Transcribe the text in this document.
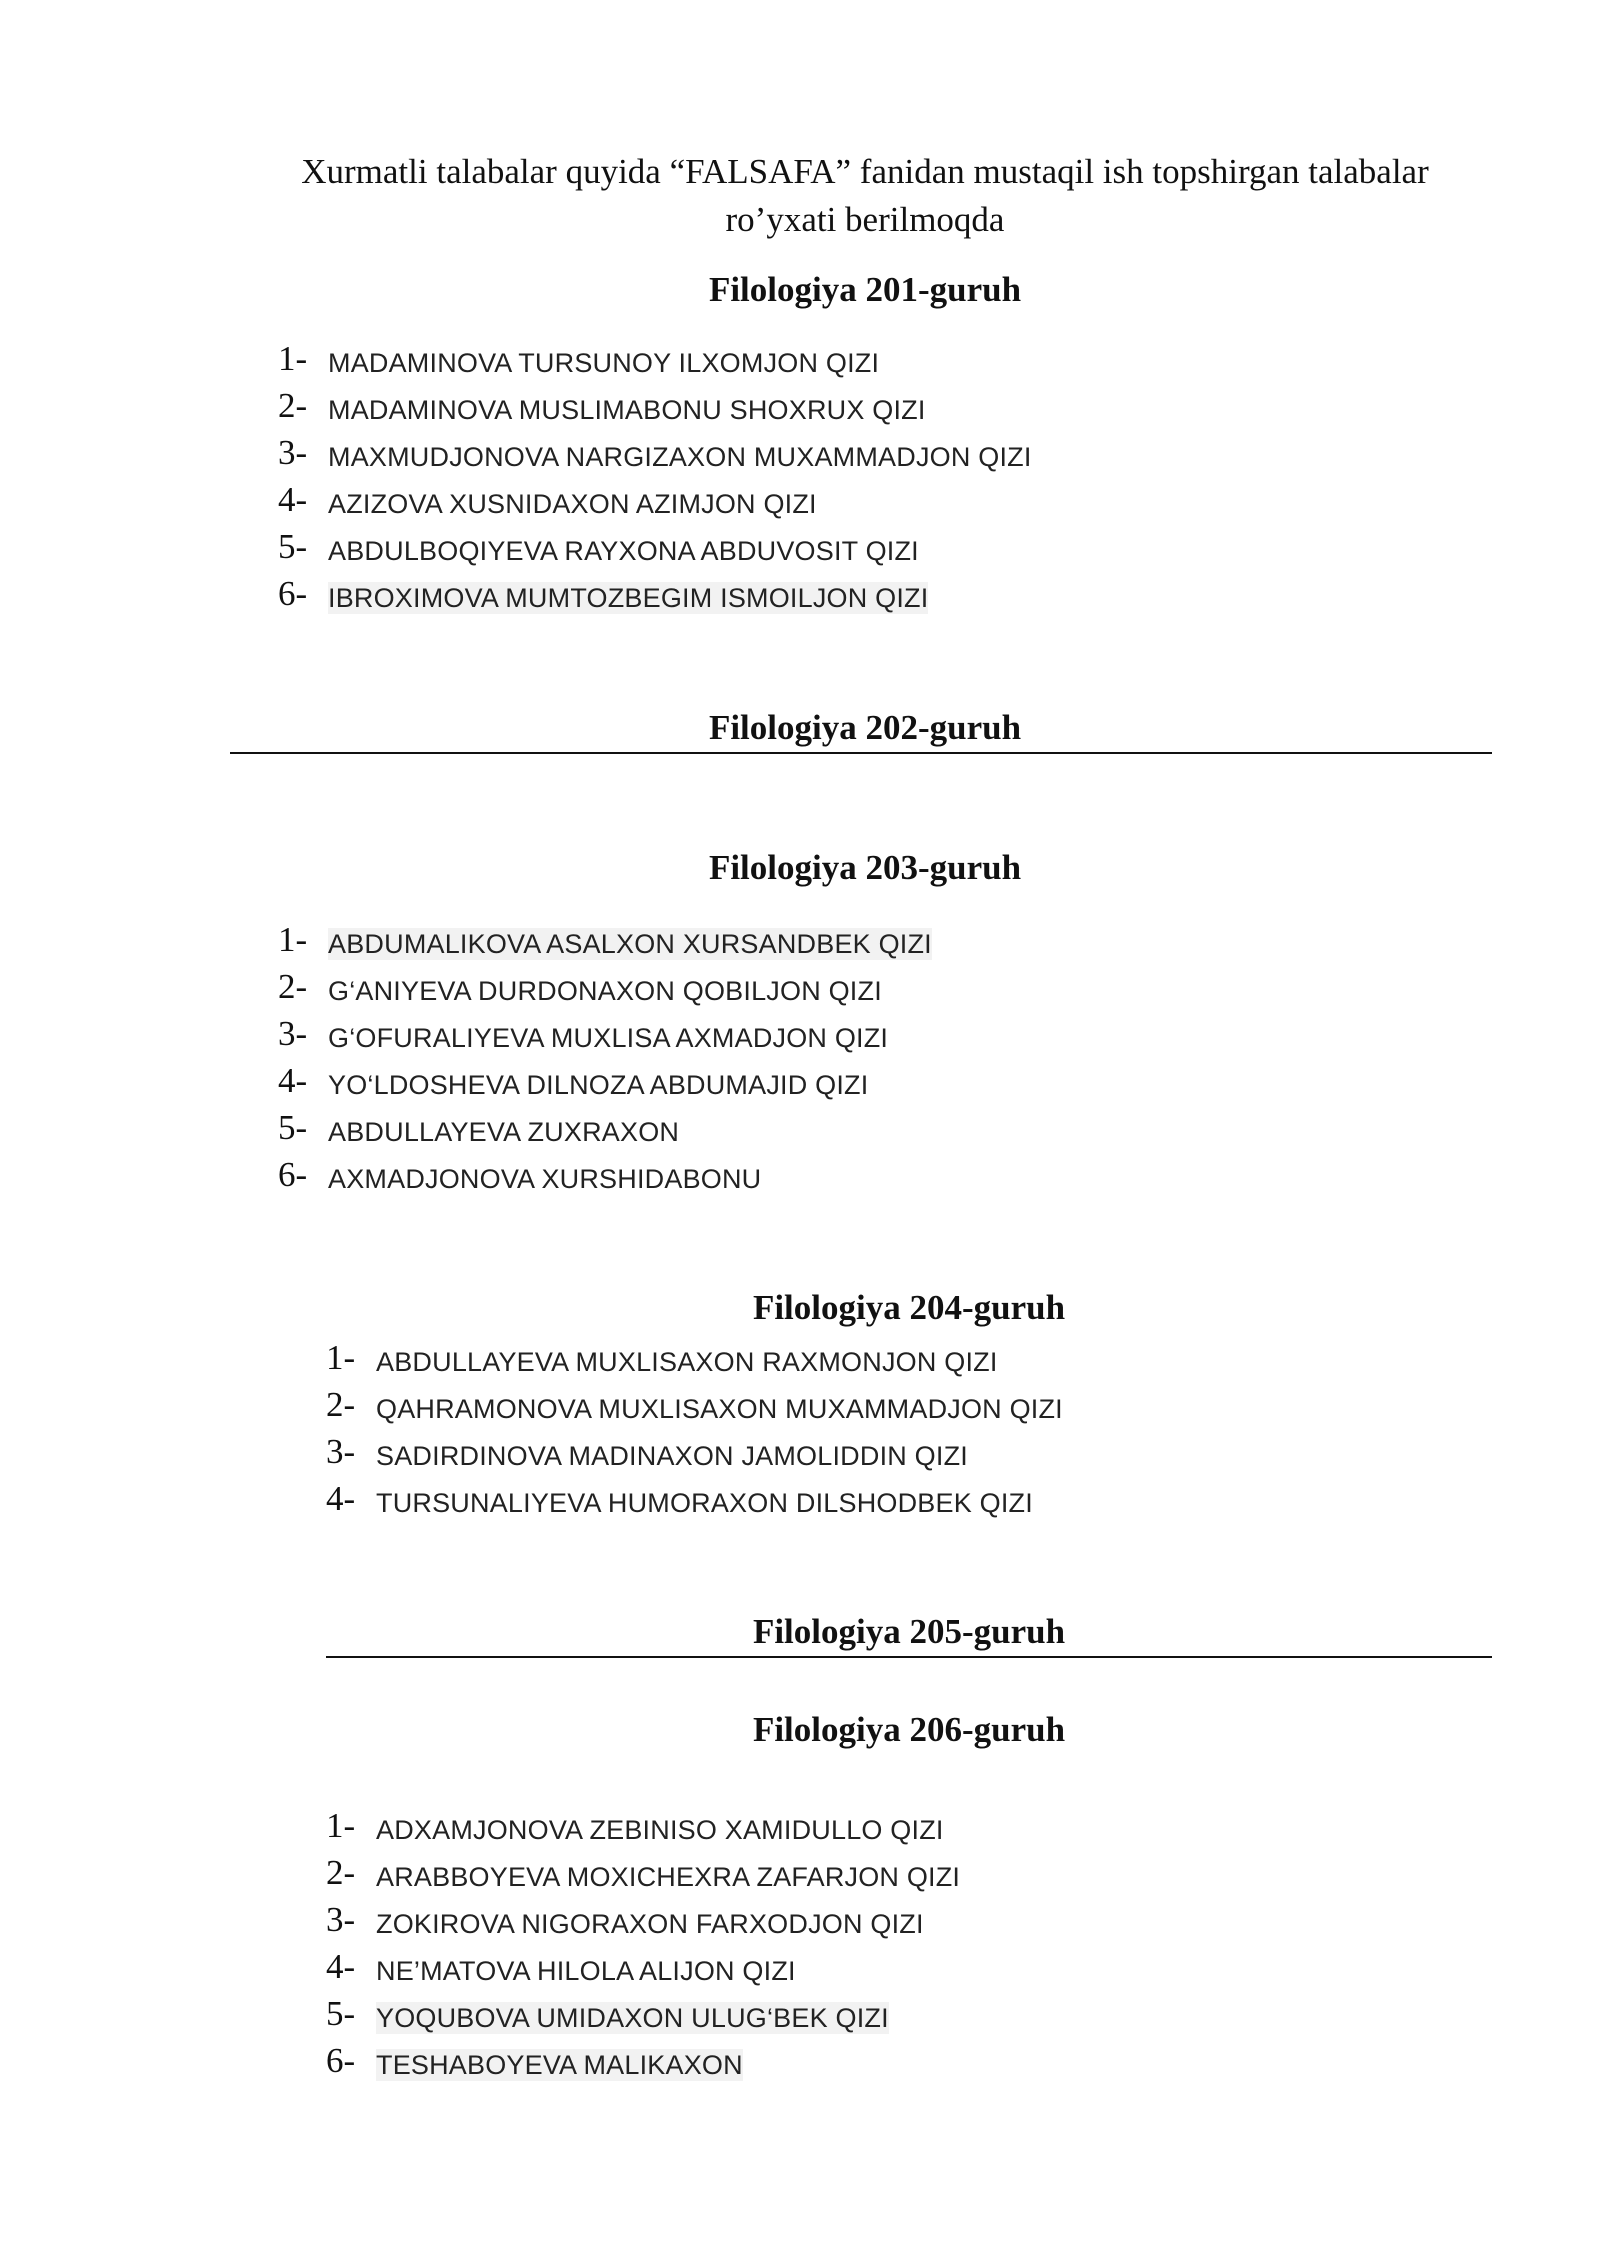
Xurmatli talabalar quyida “FALSAFA” fanidan mustaqil ish topshirgan talabalar
ro’yxati berilmoqda
Filologiya 201-guruh
1- MADAMINOVA TURSUNOY ILXOMJON QIZI
2- MADAMINOVA MUSLIMABONU SHOXRUX QIZI
3- MAXMUDJONOVA NARGIZAXON MUXAMMADJON QIZI
4- AZIZOVA XUSNIDAXON AZIMJON QIZI
5- ABDULBOQIYEVA RAYXONA ABDUVOSIT QIZI
6- IBROXIMOVA MUMTOZBEGIM ISMOILJON QIZI
Filologiya 202-guruh
Filologiya 203-guruh
1- ABDUMALIKOVA ASALXON XURSANDBEK QIZI
2- G‘ANIYEVA DURDONAXON QOBILJON QIZI
3- G‘OFURALIYEVA MUXLISA AXMADJON QIZI
4- YO‘LDOSHEVA DILNOZA ABDUMAJID QIZI
5- ABDULLAYEVA ZUXRAXON
6- AXMADJONOVA XURSHIDABONU
Filologiya 204-guruh
1- ABDULLAYEVA MUXLISAXON RAXMONJON QIZI
2- QAHRAMONOVA MUXLISAXON MUXAMMADJON QIZI
3- SADIRDINOVA MADINAXON JAMOLIDDIN QIZI
4- TURSUNALIYEVA HUMORAXON DILSHODBEK QIZI
Filologiya 205-guruh
Filologiya 206-guruh
1- ADXAMJONOVA ZEBINISO XAMIDULLO QIZI
2- ARABBOYEVA MOXICHEXRA ZAFARJON QIZI
3- ZOKIROVA NIGORAXON FARXODJON QIZI
4- NE’MATOVA HILOLA ALIJON QIZI
5- YOQUBOVA UMIDAXON ULUG‘BEK QIZI
6- TESHABOYEVA MALIKAXON
